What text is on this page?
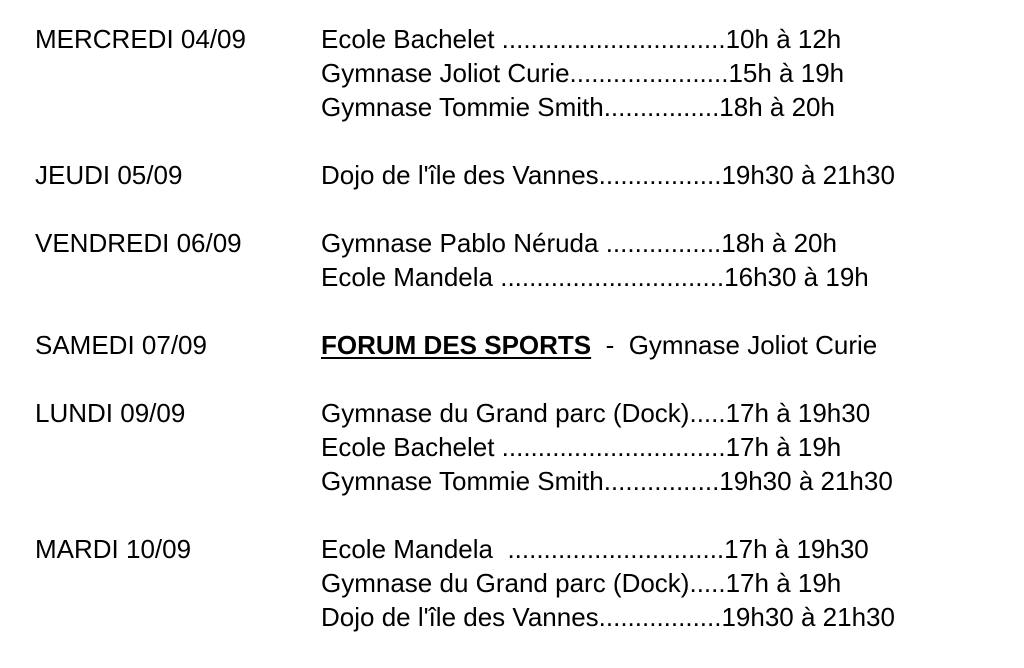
MERCREDI 04/09	Ecole Bachelet ...............................10h à 12h
Gymnase Joliot Curie......................15h à 19h
Gymnase Tommie Smith................18h à 20h
JEUDI 05/09	Dojo de l'île des Vannes.................19h30 à 21h30
VENDREDI 06/09	Gymnase Pablo Néruda ................18h à 20h
Ecole Mandela ...............................16h30 à 19h
SAMEDI 07/09	FORUM DES SPORTS  -  Gymnase Joliot Curie
LUNDI 09/09	Gymnase du Grand parc (Dock).....17h à 19h30
Ecole Bachelet ...............................17h à 19h
Gymnase Tommie Smith................19h30 à 21h30
MARDI 10/09	Ecole Mandela  ..............................17h à 19h30
Gymnase du Grand parc (Dock).....17h à 19h
Dojo de l'île des Vannes.................19h30 à 21h30
